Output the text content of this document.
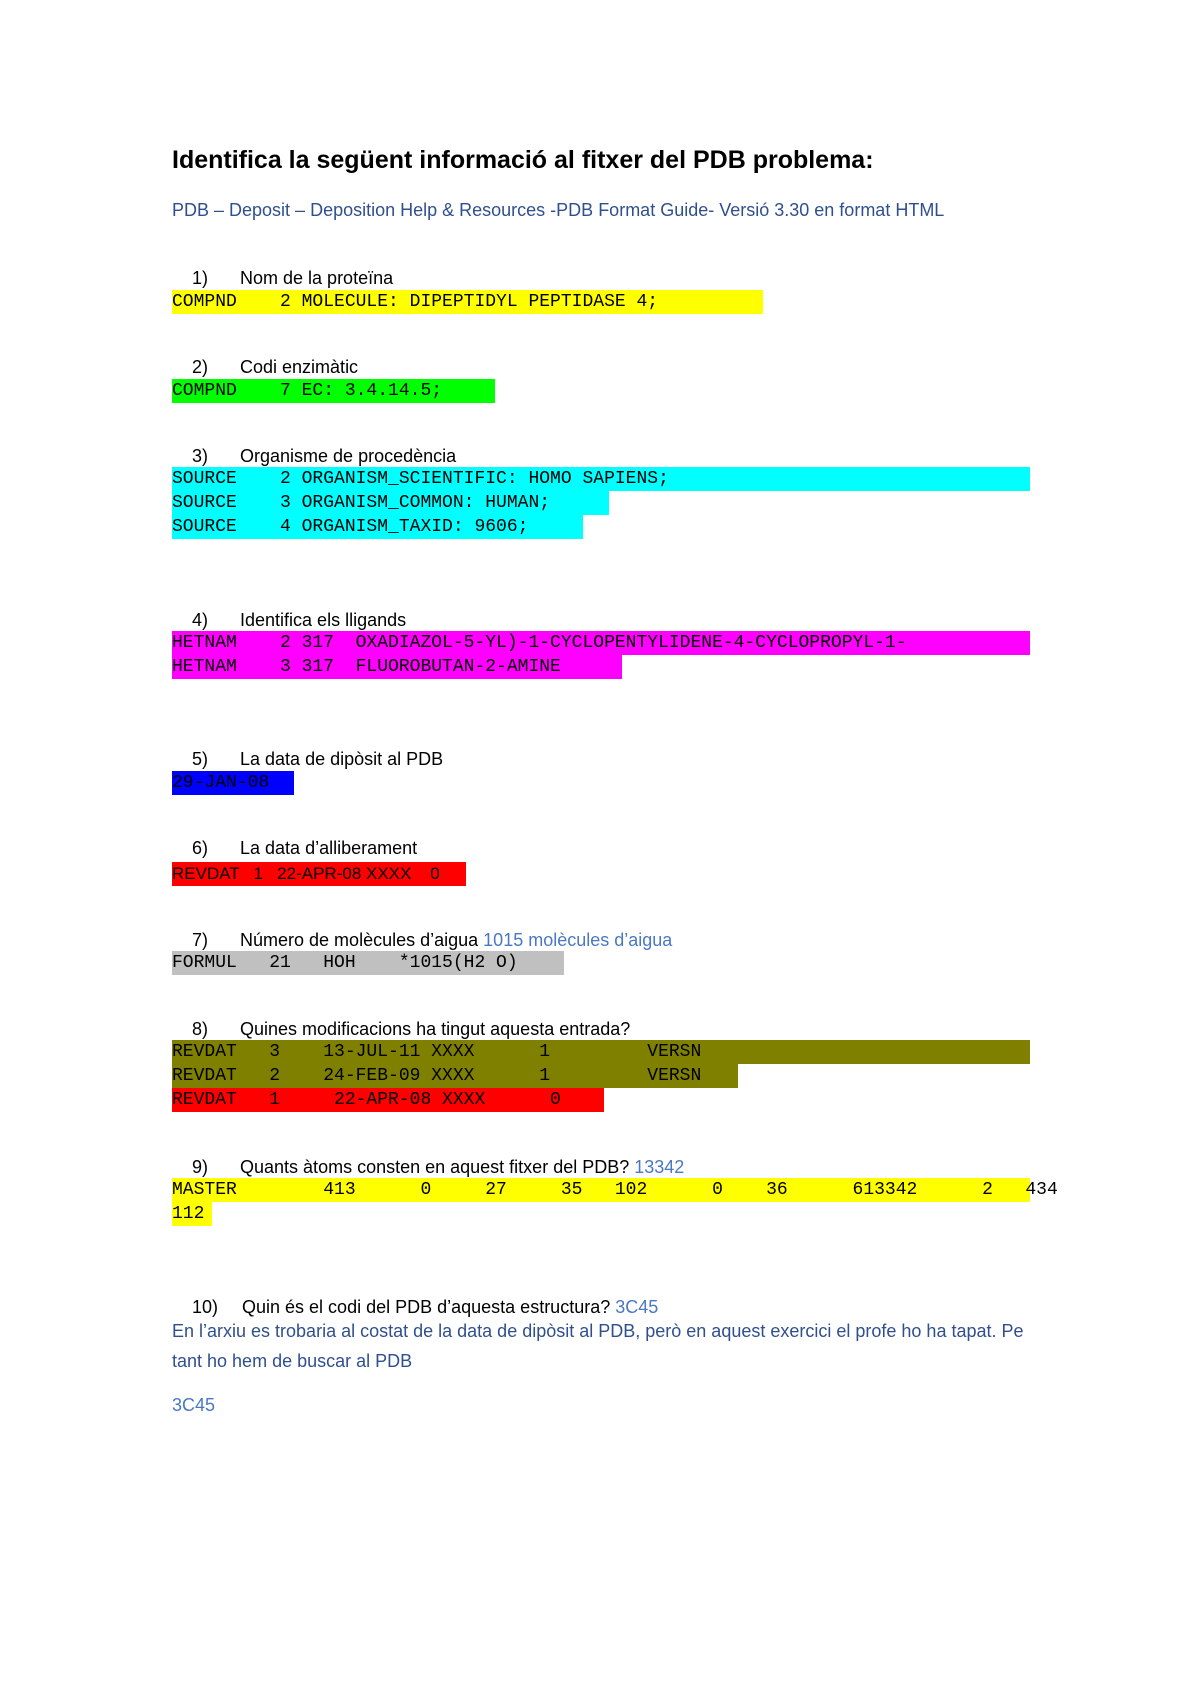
Identifica la següent informació al fitxer del PDB problema:
PDB – Deposit – Deposition Help & Resources -PDB Format Guide- Versió 3.30 en format HTML

1) Nom de la proteïna

COMPND    2 MOLECULE: DIPEPTIDYL PEPTIDASE 4;

2) Codi enzimàtic

COMPND    7 EC: 3.4.14.5;

3) Organisme de procedència

SOURCE    2 ORGANISM_SCIENTIFIC: HOMO SAPIENS;
SOURCE    3 ORGANISM_COMMON: HUMAN;
SOURCE    4 ORGANISM_TAXID: 9606;

4) Identifica els lligands

HETNAM    2 317  OXADIAZOL-5-YL)-1-CYCLOPENTYLIDENE-4-CYCLOPROPYL-1-
HETNAM    3 317  FLUOROBUTAN-2-AMINE

5) La data de dipòsit al PDB

29-JAN-08

6) La data d’alliberament

REVDAT   1   22-APR-08 XXXX    0

7) Número de molècules d’aigua 1015 molècules d’aigua

FORMUL   21   HOH    *1015(H2 O)

8) Quines modificacions ha tingut aquesta entrada?

REVDAT   3    13-JUL-11 XXXX      1         VERSN
REVDAT   2    24-FEB-09 XXXX      1         VERSN
REVDAT   1     22-APR-08 XXXX      0

9) Quants àtoms consten en aquest fitxer del PDB? 13342

MASTER        413      0     27     35   102      0    36      613342      2   434
112

10) Quin és el codi del PDB d’aquesta estructura? 3C45

En l’arxiu es trobaria al costat de la data de dipòsit al PDB, però en aquest exercici el profe ho ha tapat. Pe tant ho hem de buscar al PDB
3C45
